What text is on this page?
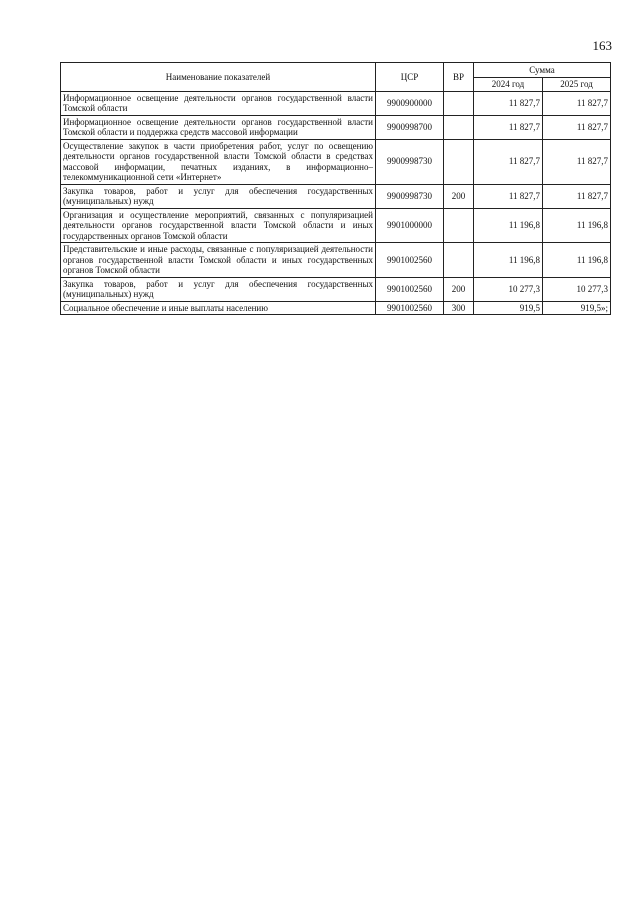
163
Наименование показателей	ЦСР	ВР	Сумма	
			2024 год	2025 год
Информационное освещение деятельности органов государственной власти Томской области	9900900000		11 827,7	11 827,7
Информационное освещение деятельности органов государственной власти Томской области и поддержка средств массовой информации	9900998700		11 827,7	11 827,7
Осуществление закупок в части приобретения работ, услуг по освещению деятельности органов государственной власти Томской области в средствах массовой информации, печатных изданиях, в информационно–телекоммуникационной сети «Интернет»	9900998730		11 827,7	11 827,7
Закупка товаров, работ и услуг для обеспечения государственных (муниципальных) нужд	9900998730	200	11 827,7	11 827,7
Организация и осуществление мероприятий, связанных с популяризацией деятельности органов государственной власти Томской области и иных государственных органов Томской области	9901000000		11 196,8	11 196,8
Представительские и иные расходы, связанные с популяризацией деятельности органов государственной власти Томской области и иных государственных органов Томской области	9901002560		11 196,8	11 196,8
Закупка товаров, работ и услуг для обеспечения государственных (муниципальных) нужд	9901002560	200	10 277,3	10 277,3
Социальное обеспечение и иные выплаты населению	9901002560	300	919,5	919,5»;
